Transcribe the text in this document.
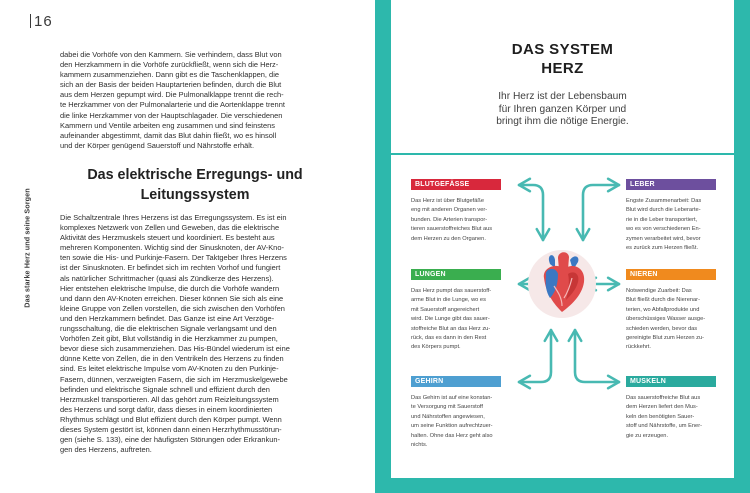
16
Das starke Herz und seine Sorgen
dabei die Vorhöfe von den Kammern. Sie verhindern, dass Blut von
den Herzkammern in die Vorhöfe zurückfließt, wenn sich die Herz-
kammern zusammenziehen. Dann gibt es die Taschenklappen, die
sich an der Basis der beiden Hauptarterien befinden, durch die Blut
aus dem Herzen gepumpt wird. Die Pulmonalklappe trennt die rech-
te Herzkammer von der Pulmonalarterie und die Aortenklappe trennt
die linke Herzkammer von der Hauptschlagader. Die verschiedenen
Kammern und Ventile arbeiten eng zusammen und sind feinstens
aufeinander abgestimmt, damit das Blut dahin fließt, wo es hinsoll
und der Körper genügend Sauerstoff und Nährstoffe erhält.
Das elektrische Erregungs- und
Leitungssystem
Die Schaltzentrale Ihres Herzens ist das Erregungssystem. Es ist ein
komplexes Netzwerk von Zellen und Geweben, das die elektrische
Aktivität des Herzmuskels steuert und koordiniert. Es besteht aus
mehreren Komponenten. Wichtig sind der Sinusknoten, der AV-Kno-
ten sowie die His- und Purkinje-Fasern. Der Taktgeber Ihres Herzens
ist der Sinusknoten. Er befindet sich im rechten Vorhof und fungiert
als natürlicher Schrittmacher (quasi als Zündkerze des Herzens).
Hier entstehen elektrische Impulse, die durch die Vorhöfe wandern
und dann den AV-Knoten erreichen. Dieser können Sie sich als eine
kleine Gruppe von Zellen vorstellen, die sich zwischen den Vorhöfen
und den Herzkammern befindet. Das Ganze ist eine Art Verzöge-
rungsschaltung, die die elektrischen Signale verlangsamt und den
Vorhöfen Zeit gibt, Blut vollständig in die Herzkammer zu pumpen,
bevor diese sich zusammenziehen. Das His-Bündel wiederum ist eine
dünne Kette von Zellen, die in den Ventrikeln des Herzens zu finden
sind. Es leitet elektrische Impulse vom AV-Knoten zu den Purkinje-
Fasern, dünnen, verzweigten Fasern, die sich im Herzmuskelgewebe
befinden und elektrische Signale schnell und effizient durch den
Herzmuskel transportieren. All das gehört zum Reizleitungssystem
des Herzens und sorgt dafür, dass dieses in einem koordinierten
Rhythmus schlägt und Blut effizient durch den Körper pumpt. Wenn
dieses System gestört ist, können dann einen Herzrhythmusstörun-
gen (siehe S. 133), eine der häufigsten Störungen oder Erkrankun-
gen des Herzens, auftreten.
DAS SYSTEM
HERZ
Ihr Herz ist der Lebensbaum
für Ihren ganzen Körper und
bringt ihm die nötige Energie.
BLUTGEFÄSSE
Das Herz ist über Blutgefäße
eng mit anderen Organen ver-
bunden. Die Arterien transpor-
tieren sauerstoffreiches Blut aus
dem Herzen zu den Organen.
LEBER
Engste Zusammenarbeit: Das
Blut wird durch die Leberarte-
rie in die Leber transportiert,
wo es von verschiedenen En-
zymen verarbeitet wird, bevor
es zurück zum Herzen fließt.
LUNGEN
Das Herz pumpt das sauerstoff-
arme Blut in die Lunge, wo es
mit Sauerstoff angereichert
wird. Die Lunge gibt das sauer-
stoffreiche Blut an das Herz zu-
rück, das es dann in den Rest
des Körpers pumpt.
NIEREN
Notwendige Zuarbeit: Das
Blut fließt durch die Nierenar-
terien, wo Abfallprodukte und
überschüssiges Wasser ausge-
schieden werden, bevor das
gereinigte Blut zum Herzen zu-
rückkehrt.
GEHIRN
Das Gehirn ist auf eine konstan-
te Versorgung mit Sauerstoff
und Nährstoffen angewiesen,
um seine Funktion aufrechtzuer-
halten. Ohne das Herz geht also
nichts.
MUSKELN
Das sauerstoffreiche Blut aus
dem Herzen liefert den Mus-
keln den benötigten Sauer-
stoff und Nährstoffe, um Ener-
gie zu erzeugen.
